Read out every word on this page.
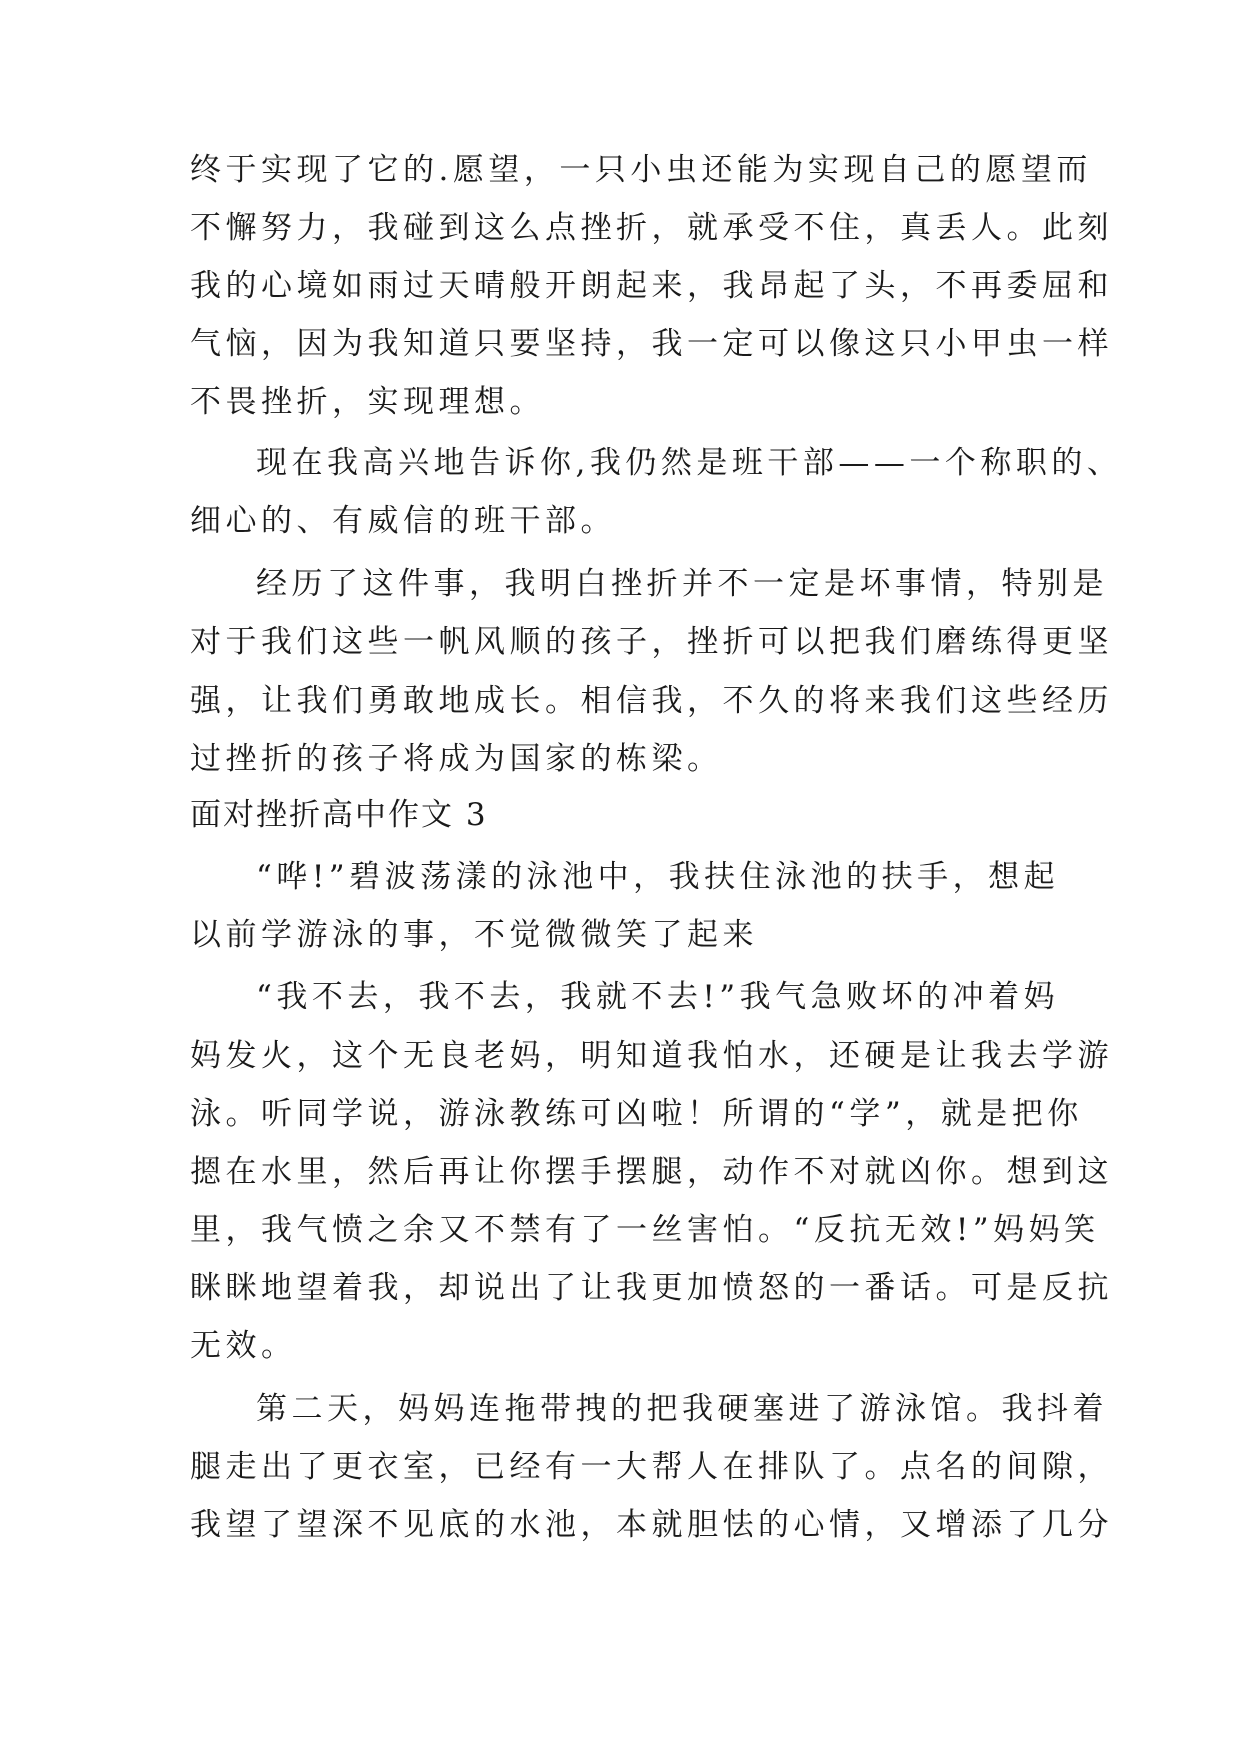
终于实现了它的.愿望，一只小虫还能为实现自己的愿望而
不懈努力，我碰到这么点挫折，就承受不住，真丢人。此刻
我的心境如雨过天晴般开朗起来，我昂起了头，不再委屈和
气恼，因为我知道只要坚持，我一定可以像这只小甲虫一样
不畏挫折，实现理想。
现在我高兴地告诉你,我仍然是班干部——一个称职的、
细心的、有威信的班干部。
经历了这件事，我明白挫折并不一定是坏事情，特别是
对于我们这些一帆风顺的孩子，挫折可以把我们磨练得更坚
强，让我们勇敢地成长。相信我，不久的将来我们这些经历
过挫折的孩子将成为国家的栋梁。
面对挫折高中作文 3
“哗!”碧波荡漾的泳池中，我扶住泳池的扶手，想起
以前学游泳的事，不觉微微笑了起来
“我不去，我不去，我就不去!”我气急败坏的冲着妈
妈发火，这个无良老妈，明知道我怕水，还硬是让我去学游
泳。听同学说，游泳教练可凶啦！所谓的“学”，就是把你
摁在水里，然后再让你摆手摆腿，动作不对就凶你。想到这
里，我气愤之余又不禁有了一丝害怕。“反抗无效!”妈妈笑
眯眯地望着我，却说出了让我更加愤怒的一番话。可是反抗
无效。
第二天，妈妈连拖带拽的把我硬塞进了游泳馆。我抖着
腿走出了更衣室，已经有一大帮人在排队了。点名的间隙，
我望了望深不见底的水池，本就胆怯的心情，又增添了几分
